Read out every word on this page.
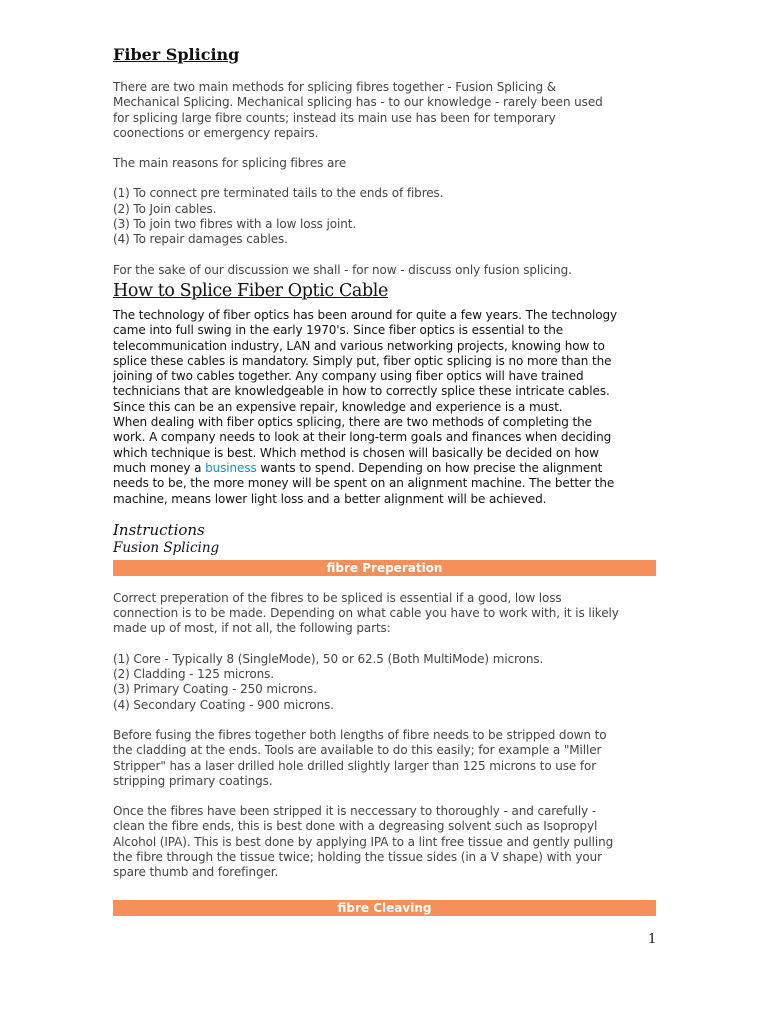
Fiber Splicing

There are two main methods for splicing fibres together - Fusion Splicing &

Mechanical Splicing. Mechanical splicing has - to our knowledge - rarely been used

for splicing large fibre counts; instead its main use has been for temporary

coonections or emergency repairs.

The main reasons for splicing fibres are

(1) To connect pre terminated tails to the ends of fibres.

(2) To Join cables.

(3) To join two fibres with a low loss joint.

(4) To repair damages cables.

For the sake of our discussion we shall - for now - discuss only fusion splicing.

How to Splice Fiber Optic Cable

The technology of fiber optics has been around for quite a few years. The technology

came into full swing in the early 1970's. Since fiber optics is essential to the

telecommunication industry, LAN and various networking projects, knowing how to

splice these cables is mandatory. Simply put, fiber optic splicing is no more than the

joining of two cables together. Any company using fiber optics will have trained

technicians that are knowledgeable in how to correctly splice these intricate cables.

Since this can be an expensive repair, knowledge and experience is a must.

When dealing with fiber optics splicing, there are two methods of completing the

work. A company needs to look at their long-term goals and finances when deciding

which technique is best. Which method is chosen will basically be decided on how

much money a business wants to spend. Depending on how precise the alignment

needs to be, the more money will be spent on an alignment machine. The better the

machine, means lower light loss and a better alignment will be achieved.

Instructions
Fusion Splicing
fibre Preperation

Correct preperation of the fibres to be spliced is essential if a good, low loss

connection is to be made. Depending on what cable you have to work with, it is likely

made up of most, if not all, the following parts:

(1) Core - Typically 8 (SingleMode), 50 or 62.5 (Both MultiMode) microns.

(2) Cladding - 125 microns.

(3) Primary Coating - 250 microns.

(4) Secondary Coating - 900 microns.

Before fusing the fibres together both lengths of fibre needs to be stripped down to

the cladding at the ends. Tools are available to do this easily; for example a "Miller

Stripper" has a laser drilled hole drilled slightly larger than 125 microns to use for

stripping primary coatings.

Once the fibres have been stripped it is neccessary to thoroughly - and carefully -

clean the fibre ends, this is best done with a degreasing solvent such as Isopropyl

Alcohol (IPA). This is best done by applying IPA to a lint free tissue and gently pulling

the fibre through the tissue twice; holding the tissue sides (in a V shape) with your

spare thumb and forefinger.

fibre Cleaving
1
